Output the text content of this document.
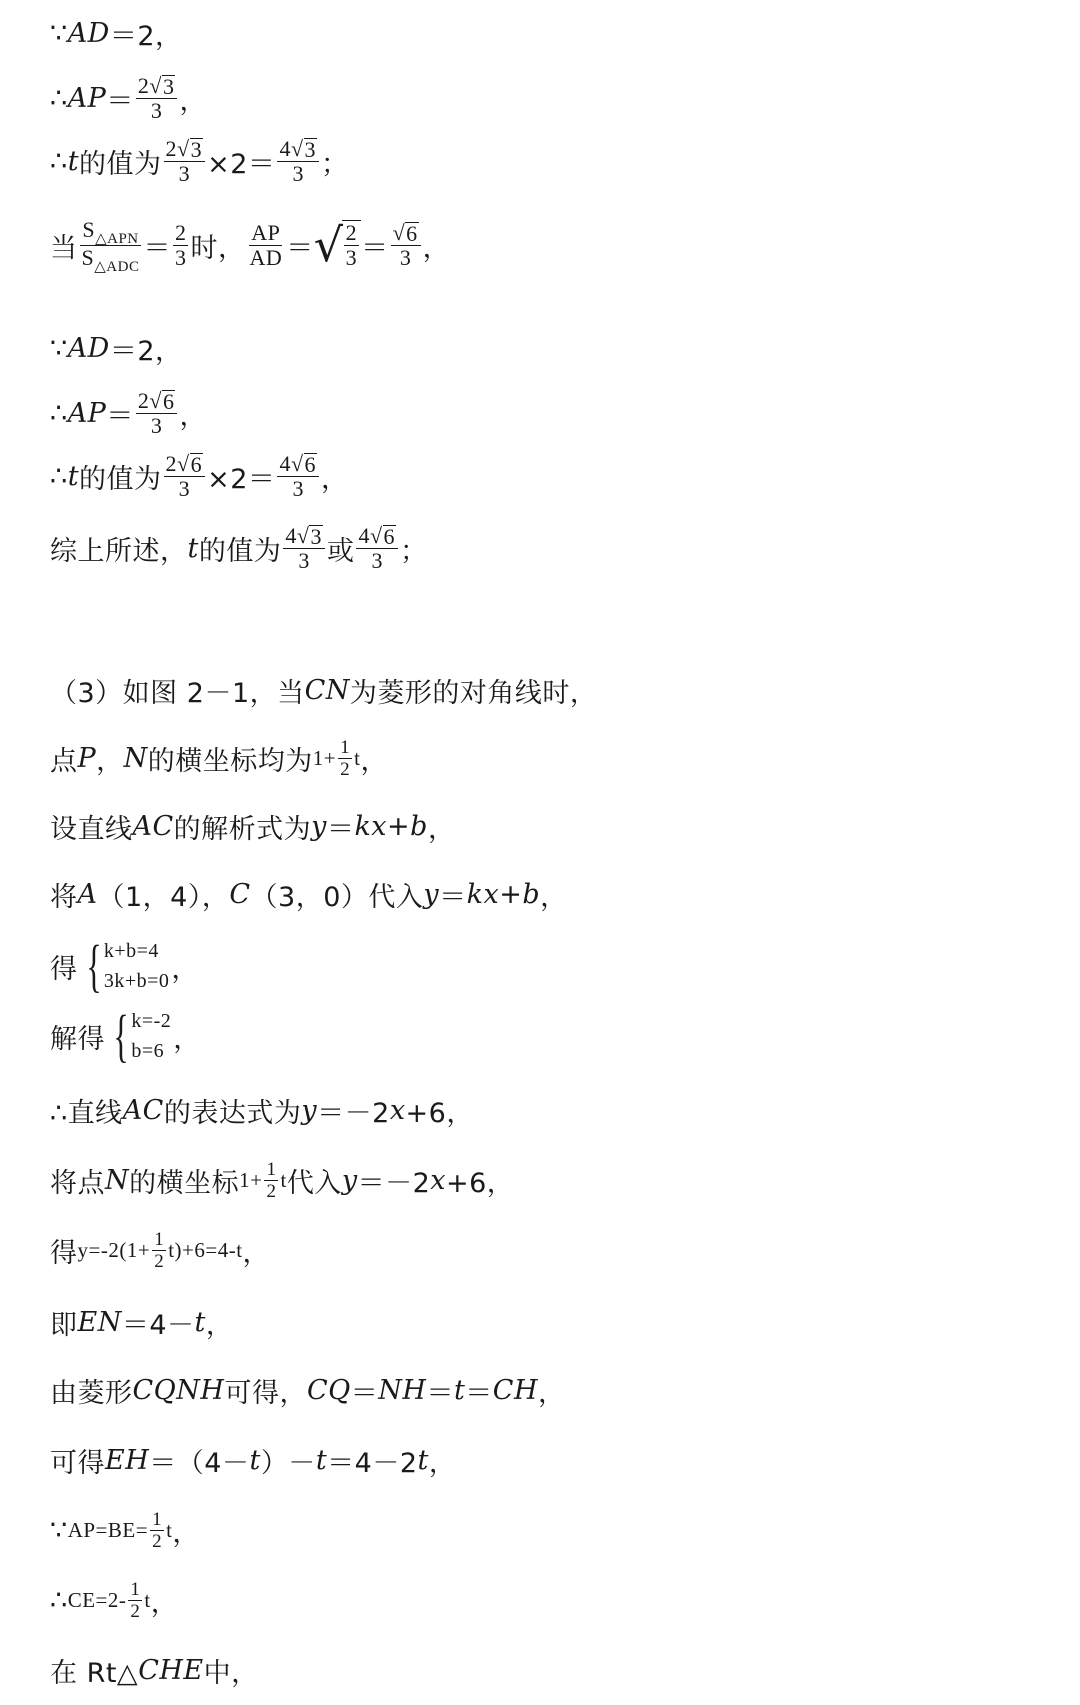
∵ AD ＝2，
∴ AP ＝ $\frac{2 √ 3}{3}$ ，
∴ t 的值为 $\frac{2 √ 3}{3} \times 2= \frac{4 √ 3}{3}$ ；
当 $\frac{S_{\triangle APN}}{S_{\triangle ADC}} = \frac{2}{3}$ 时， $\frac{AP}{AD}$ ＝ √ $\frac{2}{3} = \frac{√ 6}{3}$ ，
∵ AD ＝2，
∴ AP ＝ $\frac{2 √ 6}{3}$ ，
∴ t 的值为 $\frac{2 √ 6}{3} \times 2= \frac{4 √ 6}{3}$ ，
综上所述， t 的值为 $\frac{4 √ 3}{3}$ 或 $\frac{4 √ 6}{3}$ ；
（3）如图 2－1，当 CN 为菱形的对角线时，
点 P ， N 的横坐标均为 $1+ \frac{1}{2}$ t ，
设直线 AC 的解析式为 y ＝ kx + b ，
将 A （1，4）， C （3，0）代入 y ＝ kx + b ，
得 { k+b=4
3k+b=0 ，
解得 { k=-2
b=6 ，
∴直线 AC 的表达式为 y ＝－2 x +6，
将点 N 的横坐标 $1+ \frac{1}{2}$ t 代入 y ＝－2 x +6，
得 $y=-2(1+ \frac{1}{2} t)+6=4-t$ ，
即 EN ＝4－ t ，
由菱形 CQNH 可得， CQ ＝ NH ＝ t ＝ CH ，
可得 EH ＝（4－ t ）－ t ＝4－2 t ，
∵ $AP=BE= \frac{1}{2}$ t ，
∴ $CE=2- \frac{1}{2}$ t ，
在 Rt△ CHE 中，
